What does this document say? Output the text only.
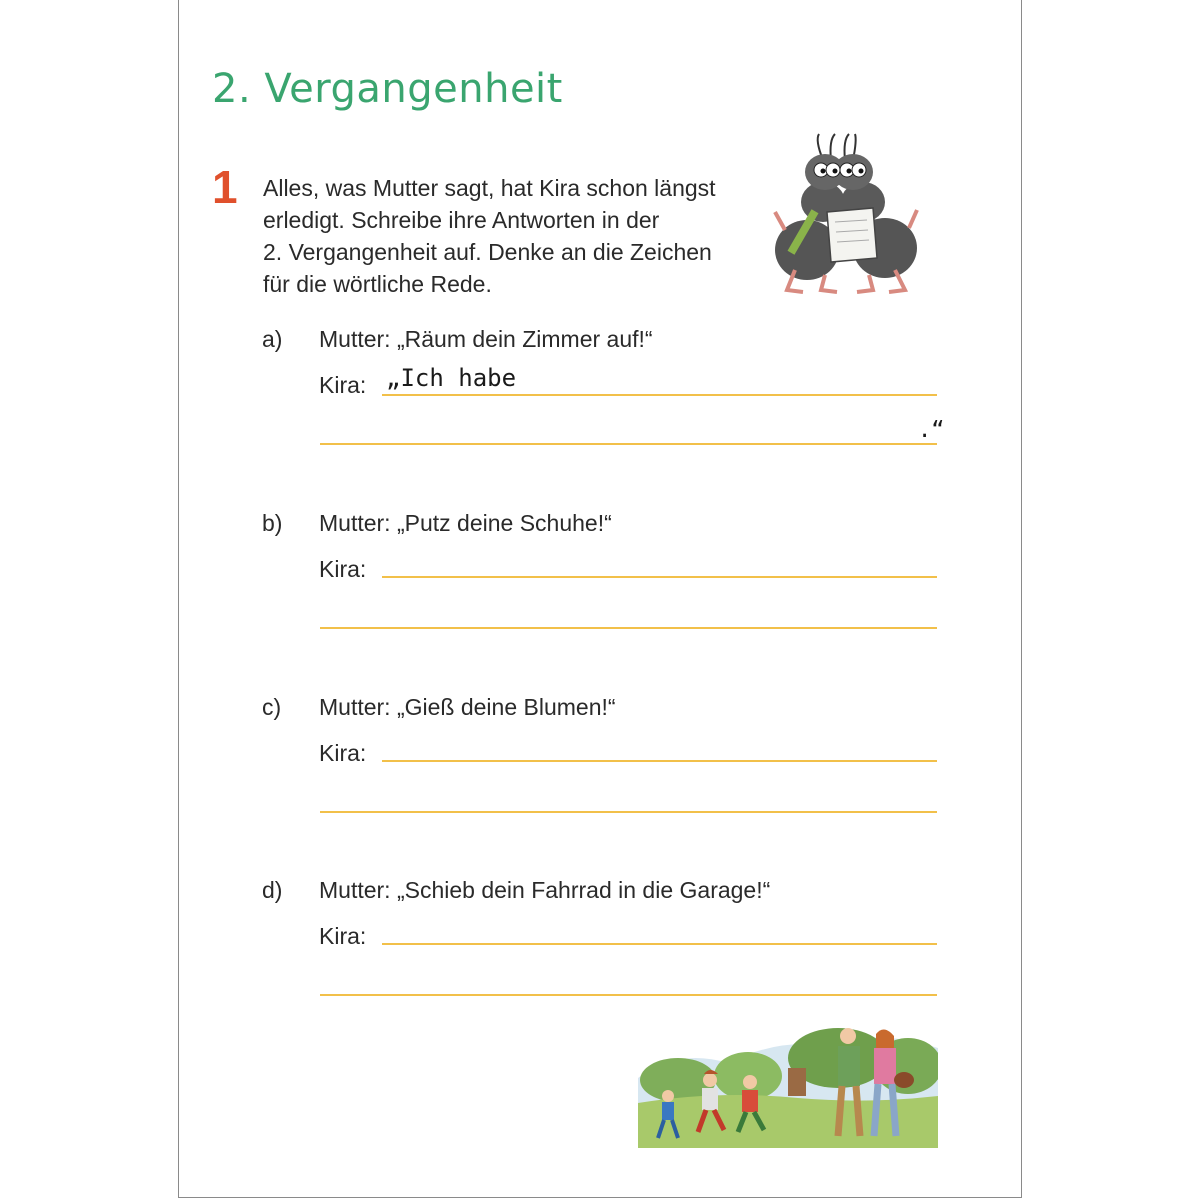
2. Vergangenheit
1 Alles, was Mutter sagt, hat Kira schon längst
erledigt. Schreibe ihre Antworten in der
2. Vergangenheit auf. Denke an die Zeichen
für die wörtliche Rede.
a) Mutter: „Räum dein Zimmer auf!“
Kira: „Ich habe
.“
b) Mutter: „Putz deine Schuhe!“
Kira:
c) Mutter: „Gieß deine Blumen!“
Kira:
d) Mutter: „Schieb dein Fahrrad in die Garage!“
Kira:
